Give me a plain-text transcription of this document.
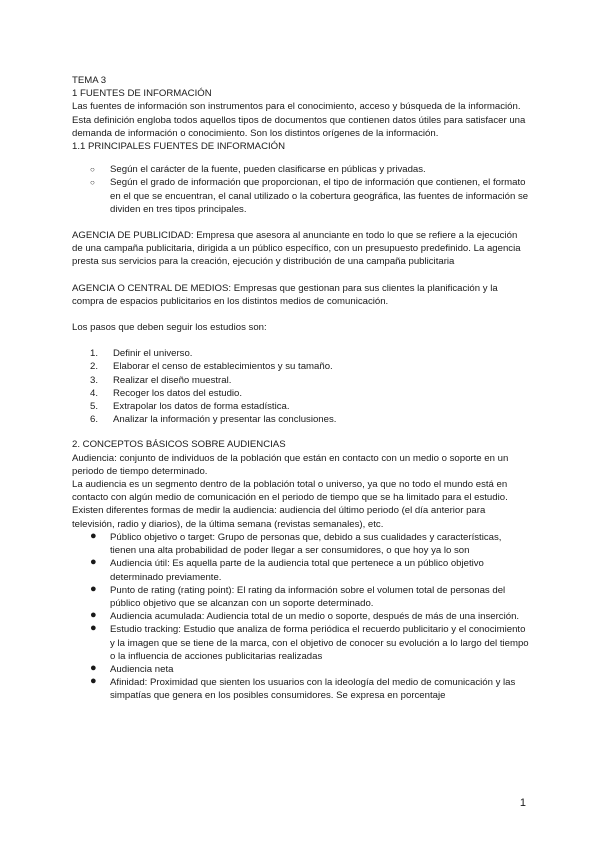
TEMA 3

1 FUENTES DE INFORMACIÓN

Las fuentes de información son instrumentos para el conocimiento, acceso y búsqueda de la información. Esta definición engloba todos aquellos tipos de documentos que contienen datos útiles para satisfacer una demanda de información o conocimiento. Son los distintos orígenes de la información.

1.1 PRINCIPALES FUENTES DE INFORMACIÓN

○ Según el carácter de la fuente, pueden clasificarse en públicas y privadas.
○ Según el grado de información que proporcionan, el tipo de información que contienen, el formato en el que se encuentran, el canal utilizado o la cobertura geográfica, las fuentes de información se dividen en tres tipos principales.

AGENCIA DE PUBLICIDAD: Empresa que asesora al anunciante en todo lo que se refiere a la ejecución de una campaña publicitaria, dirigida a un público específico, con un presupuesto predefinido. La agencia presta sus servicios para la creación, ejecución y distribución de una campaña publicitaria

AGENCIA O CENTRAL DE MEDIOS: Empresas que gestionan para sus clientes la planificación y la compra de espacios publicitarios en los distintos medios de comunicación.

Los pasos que deben seguir los estudios son:

1.	Definir el universo.
2.	Elaborar el censo de establecimientos y su tamaño.
3.	Realizar el diseño muestral.
4.	Recoger los datos del estudio.
5.	Extrapolar los datos de forma estadística.
6.	Analizar la información y presentar las conclusiones.

2. CONCEPTOS BÁSICOS SOBRE AUDIENCIAS

Audiencia: conjunto de individuos de la población que están en contacto con un medio o soporte en un periodo de tiempo determinado.

La audiencia es un segmento dentro de la población total o universo, ya que no todo el mundo está en contacto con algún medio de comunicación en el periodo de tiempo que se ha limitado para el estudio.

Existen diferentes formas de medir la audiencia: audiencia del último periodo (el día anterior para televisión, radio y diarios), de la última semana (revistas semanales), etc.

● Público objetivo o target: Grupo de personas que, debido a sus cualidades y características, tienen una alta probabilidad de poder llegar a ser consumidores, o que hoy ya lo son
● Audiencia útil: Es aquella parte de la audiencia total que pertenece a un público objetivo determinado previamente.
● Punto de rating (rating point): El rating da información sobre el volumen total de personas del público objetivo que se alcanzan con un soporte determinado.
● Audiencia acumulada: Audiencia total de un medio o soporte, después de más de una inserción.
● Estudio tracking: Estudio que analiza de forma periódica el recuerdo publicitario y el conocimiento y la imagen que se tiene de la marca, con el objetivo de conocer su evolución a lo largo del tiempo o la influencia de acciones publicitarias realizadas
● Audiencia neta
● Afinidad: Proximidad que sienten los usuarios con la ideología del medio de comunicación y las simpatías que genera en los posibles consumidores. Se expresa en porcentaje
1
